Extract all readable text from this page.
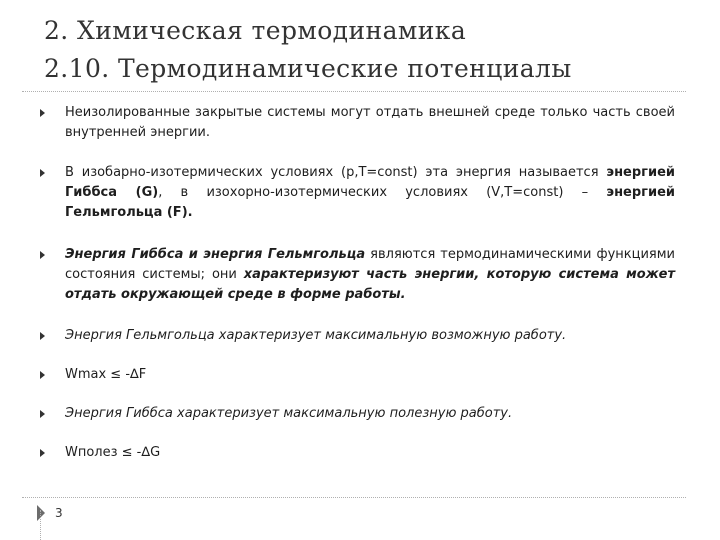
2. Химическая термодинамика
2.10. Термодинамические потенциалы
Неизолированные закрытые системы могут отдать внешней среде только часть своей внутренней энергии.
В изобарно-изотермических условиях (p,T=const) эта энергия называется энергией Гиббса (G), в изохорно-изотермических условиях (V,T=const) – энергией Гельмгольца (F).
Энергия Гиббса и энергия Гельмгольца являются термодинамическими функциями состояния системы; они характеризуют часть энергии, которую система может отдать окружающей среде в форме работы.
Энергия Гельмгольца характеризует максимальную возможную работу.
Wmax ≤ -∆F
Энергия Гиббса характеризует максимальную полезную работу.
Wполез ≤ -∆G
3
